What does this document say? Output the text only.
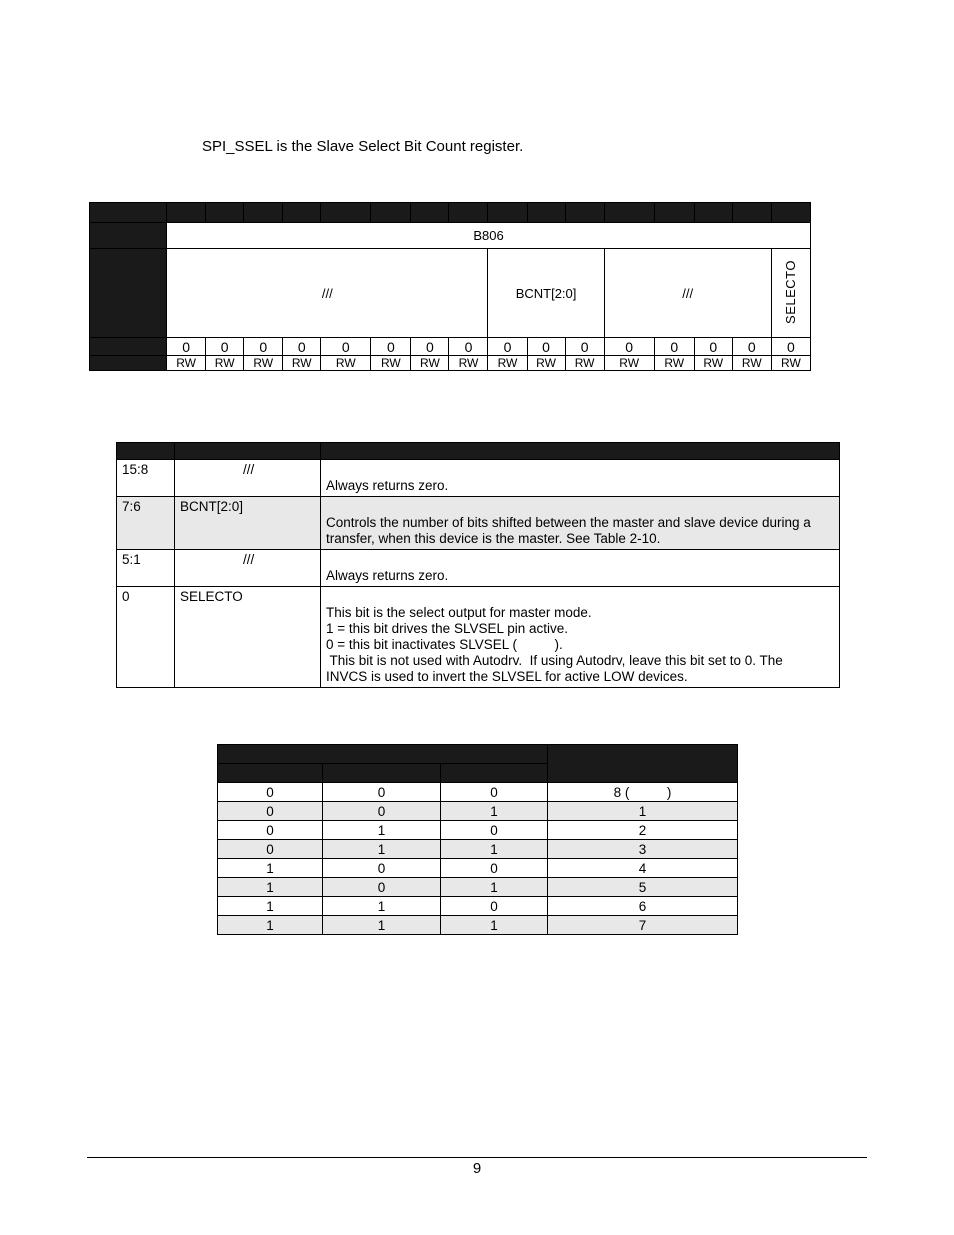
SPI_SSEL is the Slave Select Bit Count register.

	B806															
	///								BCNT[2:0]			///				SELECTO
	0	0	0	0	0	0	0	0	0	0	0	0	0	0	0	0
	RW	RW	RW	RW	RW	RW	RW	RW	RW	RW	RW	RW	RW	RW	RW	RW

15:8	///	Always returns zero.

7:6	BCNT[2:0]	Controls the number of bits shifted between the master and slave device during a
transfer, when this device is the master. See Table 2-10.

5:1	///	Always returns zero.

0	SELECTO	This bit is the select output for master mode.
1 = this bit drives the SLVSEL pin active.
0 = this bit inactivates SLVSEL (          ).
This bit is not used with Autodrv.  If using Autodrv, leave this bit set to 0. The
INVCS is used to invert the SLVSEL for active LOW devices.

0	0	0	8 (          )
0	0	1	1
0	1	0	2
0	1	1	3
1	0	0	4
1	0	1	5
1	1	0	6
1	1	1	7
9
